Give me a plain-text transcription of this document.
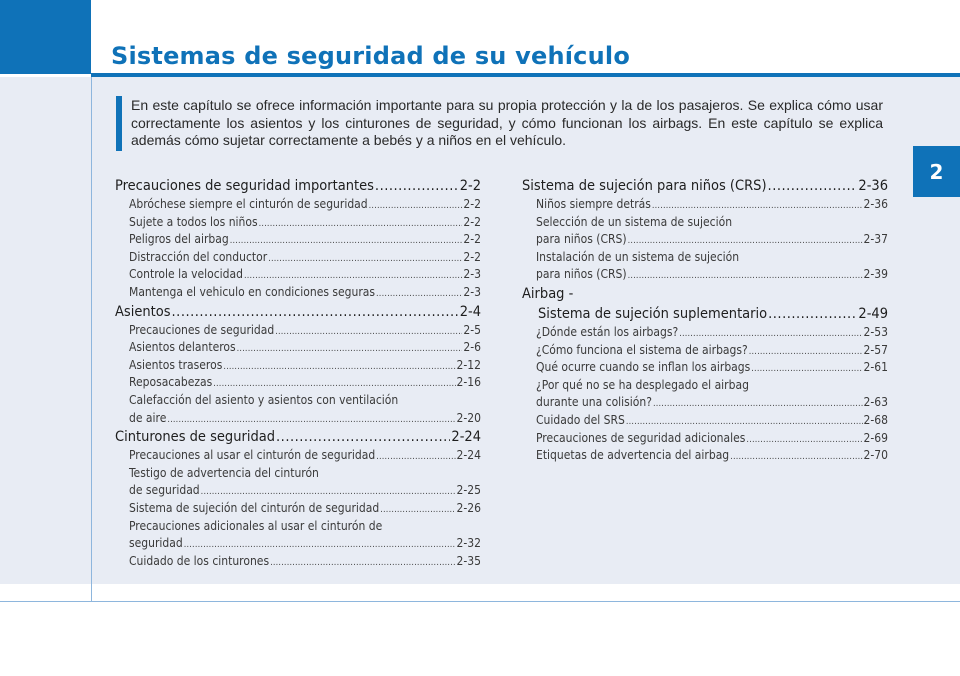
Sistemas de seguridad de su vehículo
2
En este capítulo se ofrece información importante para su propia protección y la de los pasajeros. Se explica cómo usar correctamente los asientos y los cinturones de seguridad, y cómo funcionan los airbags. En este capítulo se explica además cómo sujetar correctamente a bebés y a niños en el vehículo.
Precauciones de seguridad importantes .....	2-2
Abróchese siempre el cinturón de seguridad .....	2-2
Sujete a todos los niños .....	2-2
Peligros del airbag .....	2-2
Distracción del conductor .....	2-2
Controle la velocidad .....	2-3
Mantenga el vehiculo en condiciones seguras .....	2-3
Asientos .....	2-4
Precauciones de seguridad .....	2-5
Asientos delanteros .....	2-6
Asientos traseros .....	2-12
Reposacabezas .....	2-16
Calefacción del asiento y asientos con ventilación
de aire .....	2-20
Cinturones de seguridad .....	2-24
Precauciones al usar el cinturón de seguridad .....	2-24
Testigo de advertencia del cinturón
de seguridad .....	2-25
Sistema de sujeción del cinturón de seguridad .....	2-26
Precauciones adicionales al usar el cinturón de
seguridad .....	2-32
Cuidado de los cinturones .....	2-35
Sistema de sujeción para niños (CRS) .....	2-36
Niños siempre detrás .....	2-36
Selección de un sistema de sujeción
para niños (CRS) .....	2-37
Instalación de un sistema de sujeción
para niños (CRS) .....	2-39
Airbag -
Sistema de sujeción suplementario .....	2-49
¿Dónde están los airbags? .....	2-53
¿Cómo funciona el sistema de airbags? .....	2-57
Qué ocurre cuando se inflan los airbags .....	2-61
¿Por qué no se ha desplegado el airbag
durante una colisión? .....	2-63
Cuidado del SRS .....	2-68
Precauciones de seguridad adicionales .....	2-69
Etiquetas de advertencia del airbag .....	2-70
